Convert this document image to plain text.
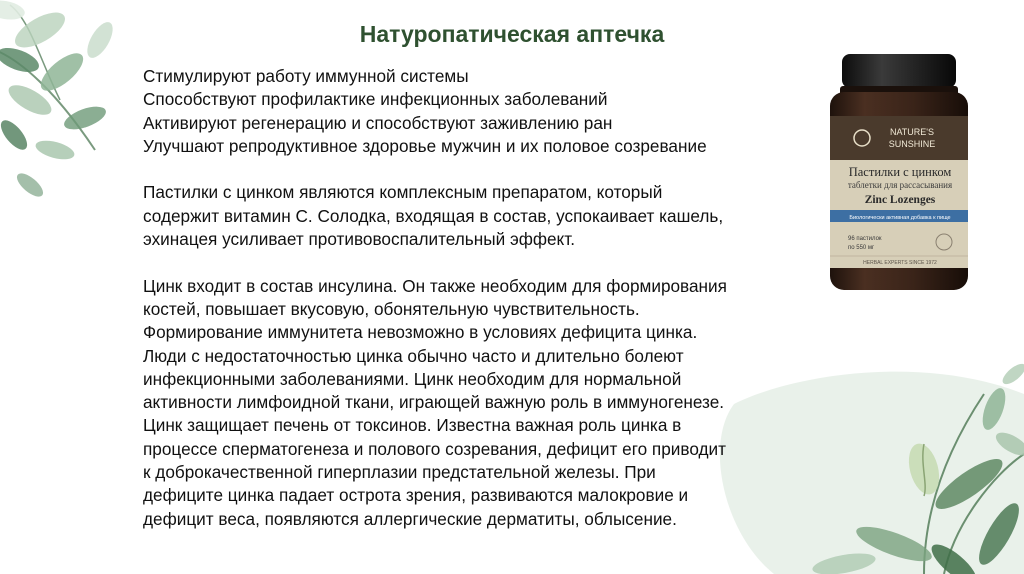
Натуропатическая аптечка

Стимулируют работу иммунной системы

Способствуют профилактике инфекционных заболеваний

Активируют регенерацию и способствуют заживлению ран

Улучшают репродуктивное здоровье мужчин и их половое созревание

Пастилки с цинком являются комплексным препаратом, который

содержит витамин С. Солодка, входящая в состав, успокаивает кашель,

эхинацея усиливает противовоспалительный эффект.

Цинк входит в состав инсулина. Он также необходим для формирования

костей, повышает вкусовую, обонятельную чувствительность.

Формирование иммунитета невозможно в условиях дефицита цинка.

Люди с недостаточностью цинка обычно часто и длительно болеют

инфекционными заболеваниями. Цинк необходим для нормальной

активности лимфоидной ткани, играющей важную роль в иммуногенезе.

Цинк защищает печень от токсинов. Известна важная роль цинка в

процессе сперматогенеза и полового созревания, дефицит его приводит

к доброкачественной гиперплазии предстательной железы. При

дефиците цинка падает острота зрения, развиваются малокровие и

дефицит веса, появляются аллергические дерматиты, облысение.

NATURE'S
SUNSHINE
Пастилки с цинком
таблетки для рассасывания
Zinc Lozenges
Биологически активная добавка к пище
96 пастилок
по 550 мг
HERBAL EXPERTS SINCE 1972
